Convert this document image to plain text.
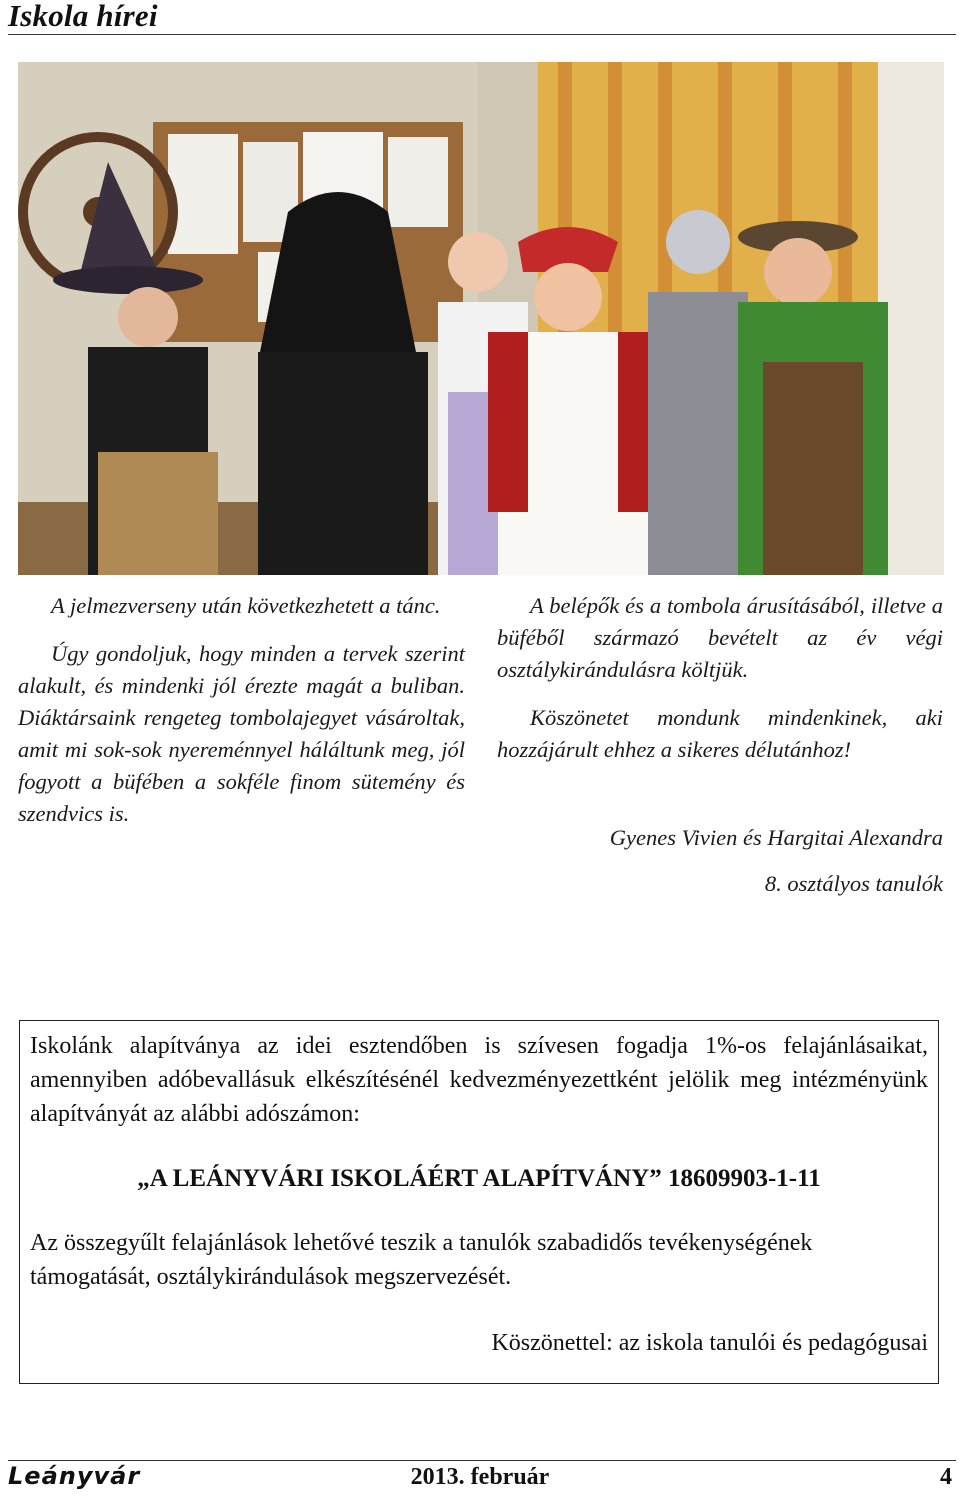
Iskola hírei

A jelmezverseny után következhetett a tánc.

Úgy gondoljuk, hogy minden a tervek szerint alakult, és mindenki jól érezte magát a buliban. Diáktársaink rengeteg tombolajegyet vásároltak, amit mi sok-sok nyereménnyel háláltunk meg, jól fogyott a büfében a sokféle finom sütemény és szendvics is.

A belépők és a tombola árusításából, illetve a büféből származó bevételt az év végi osztálykirándulásra költjük.

Köszönetet mondunk mindenkinek, aki hozzájárult ehhez a sikeres délutánhoz!

Gyenes Vivien és Hargitai Alexandra

8. osztályos tanulók

Iskolánk alapítványa az idei esztendőben is szívesen fogadja 1%-os felajánlásaikat, amennyiben adóbevallásuk elkészítésénél kedvezményezettként jelölik meg intézményünk alapítványát az alábbi adószámon:

„A LEÁNYVÁRI ISKOLÁÉRT ALAPÍTVÁNY” 18609903-1-11

Az összegyűlt felajánlások lehetővé teszik a tanulók szabadidős tevékenységének támogatását, osztálykirándulások megszervezését.

Köszönettel: az iskola tanulói és pedagógusai

Leányvár	2013. február	4
